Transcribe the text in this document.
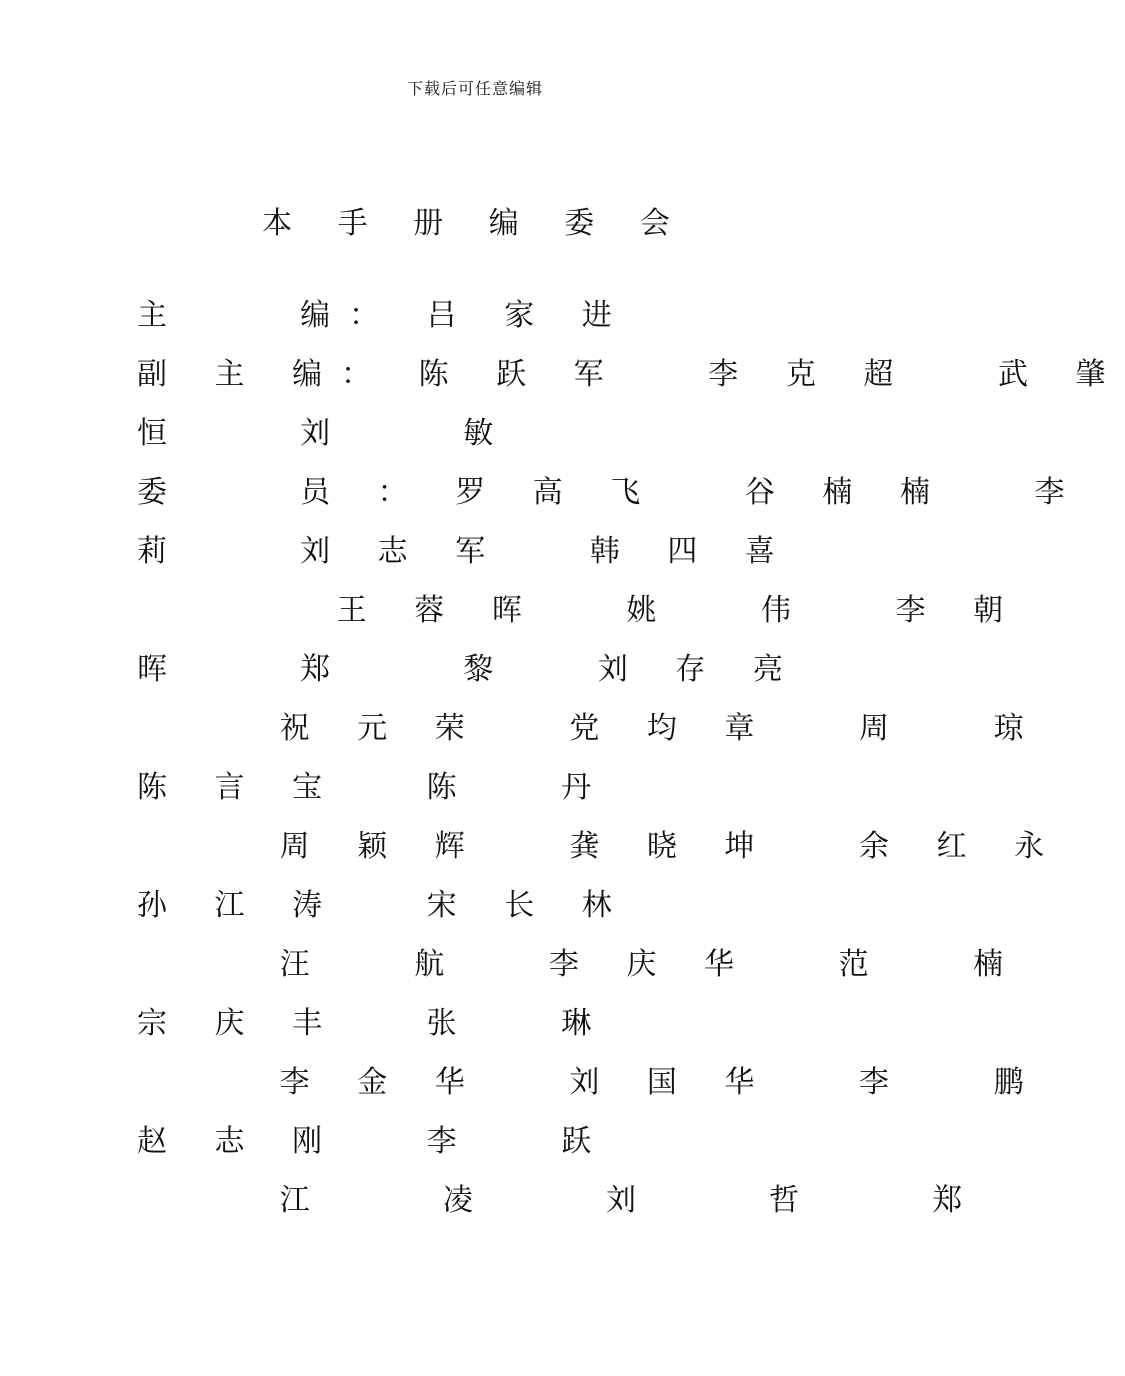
下载后可任意编辑
本 手 册 编 委 会
主    编： 吕 家 进
副 主 编： 陈 跃 军   李 克 超   武 肇
恒    刘    敏
委    员 ： 罗 高 飞   谷 楠 楠   李
莉    刘 志 军   韩 四 喜
王 蓉 晖   姚   伟   李 朝
晖    郑    黎   刘 存 亮
祝 元 荣   党 均 章   周   琼
陈 言 宝   陈   丹
周 颖 辉   龚 晓 坤   余 红 永
孙 江 涛   宋 长 林
汪   航   李 庆 华   范   楠
宗 庆 丰   张   琳
李 金 华   刘 国 华   李   鹏
赵 志 刚   李   跃
江    凌    刘    哲    郑
